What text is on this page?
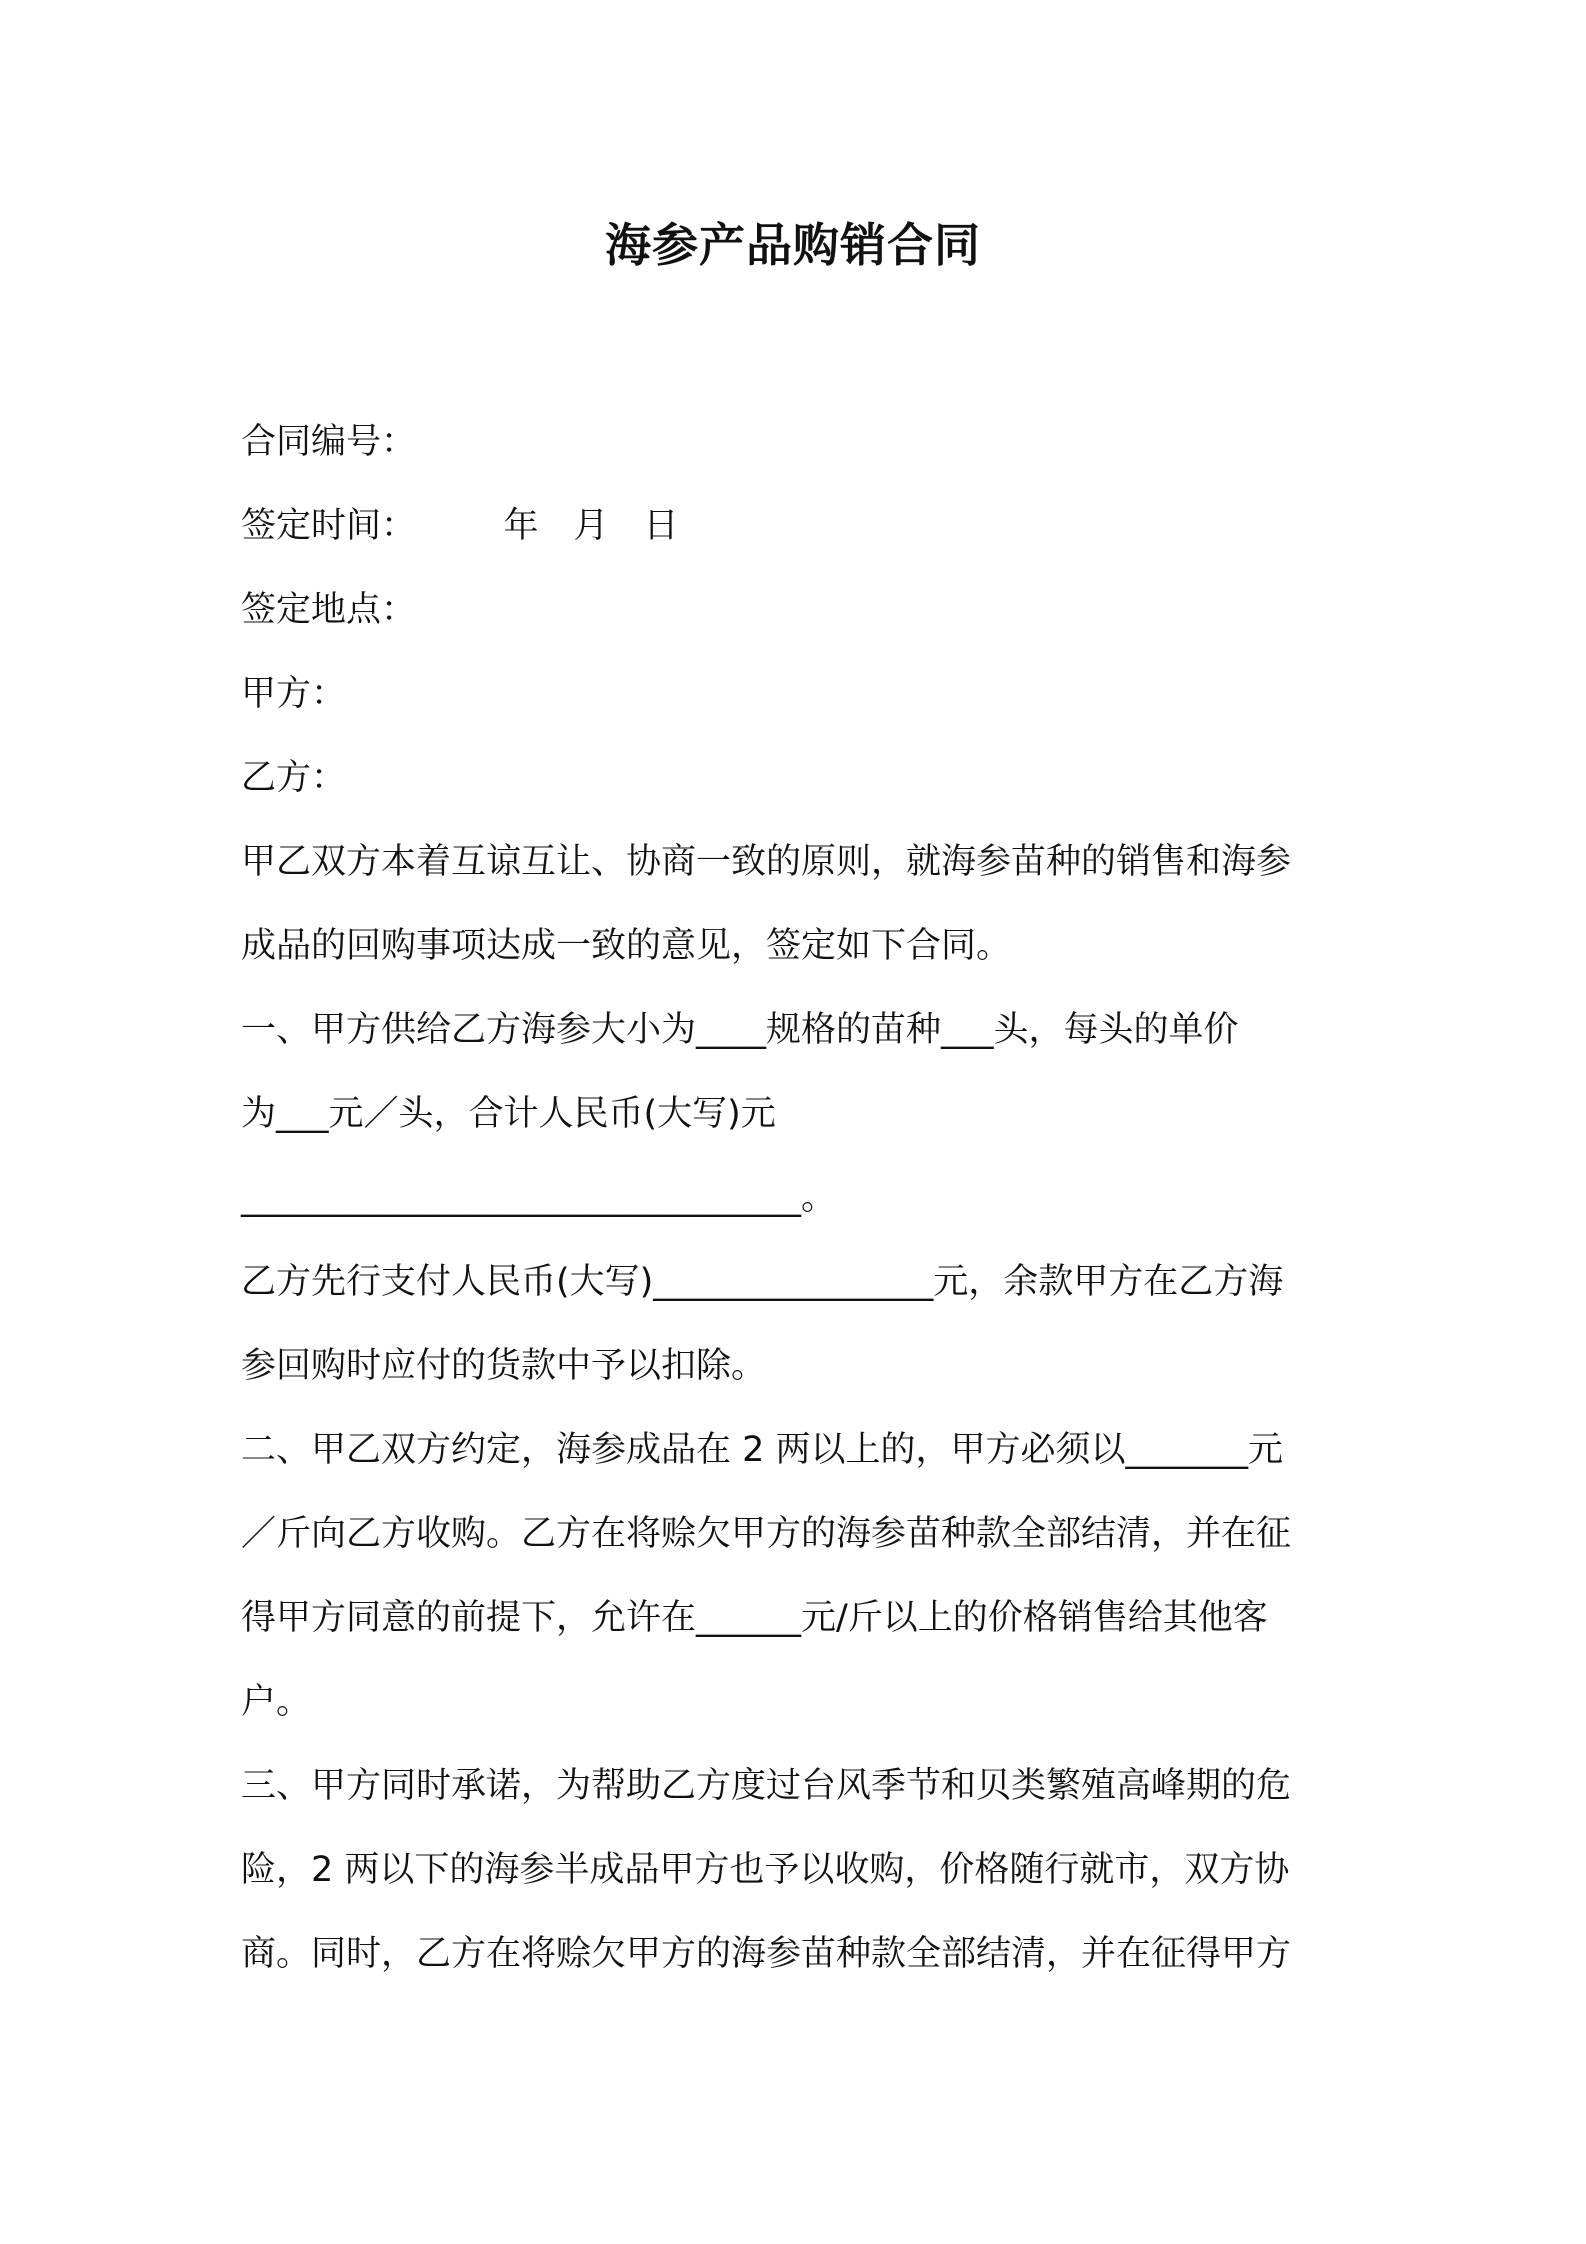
海参产品购销合同
合同编号：
签定时间：　　　年　月　日
签定地点：
甲方：
乙方：
甲乙双方本着互谅互让、协商一致的原则，就海参苗种的销售和海参
成品的回购事项达成一致的意见，签定如下合同。
一、甲方供给乙方海参大小为____规格的苗种___头，每头的单价
为___元／头，合计人民币(大写)元
________________________________。
乙方先行支付人民币(大写)________________元，余款甲方在乙方海
参回购时应付的货款中予以扣除。
二、甲乙双方约定，海参成品在 2 两以上的，甲方必须以_______元
／斤向乙方收购。乙方在将赊欠甲方的海参苗种款全部结清，并在征
得甲方同意的前提下，允许在______元/斤以上的价格销售给其他客
户。
三、甲方同时承诺，为帮助乙方度过台风季节和贝类繁殖高峰期的危
险，2 两以下的海参半成品甲方也予以收购，价格随行就市，双方协
商。同时，乙方在将赊欠甲方的海参苗种款全部结清，并在征得甲方
